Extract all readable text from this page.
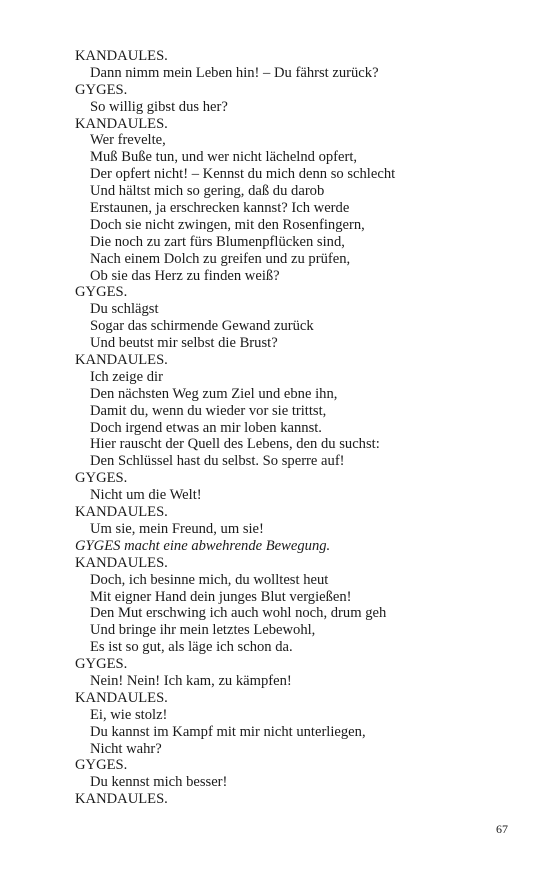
KANDAULES.
Dann nimm mein Leben hin! – Du fährst zurück?
GYGES.
So willig gibst dus her?
KANDAULES.
Wer frevelte,
Muß Buße tun, und wer nicht lächelnd opfert,
Der opfert nicht! – Kennst du mich denn so schlecht
Und hältst mich so gering, daß du darob
Erstaunen, ja erschrecken kannst? Ich werde
Doch sie nicht zwingen, mit den Rosenfingern,
Die noch zu zart fürs Blumenpflücken sind,
Nach einem Dolch zu greifen und zu prüfen,
Ob sie das Herz zu finden weiß?
GYGES.
Du schlägst
Sogar das schirmende Gewand zurück
Und beutst mir selbst die Brust?
KANDAULES.
Ich zeige dir
Den nächsten Weg zum Ziel und ebne ihn,
Damit du, wenn du wieder vor sie trittst,
Doch irgend etwas an mir loben kannst.
Hier rauscht der Quell des Lebens, den du suchst:
Den Schlüssel hast du selbst. So sperre auf!
GYGES.
Nicht um die Welt!
KANDAULES.
Um sie, mein Freund, um sie!
GYGES macht eine abwehrende Bewegung.
KANDAULES.
Doch, ich besinne mich, du wolltest heut
Mit eigner Hand dein junges Blut vergießen!
Den Mut erschwing ich auch wohl noch, drum geh
Und bringe ihr mein letztes Lebewohl,
Es ist so gut, als läge ich schon da.
GYGES.
Nein! Nein! Ich kam, zu kämpfen!
KANDAULES.
Ei, wie stolz!
Du kannst im Kampf mit mir nicht unterliegen,
Nicht wahr?
GYGES.
Du kennst mich besser!
KANDAULES.
67
